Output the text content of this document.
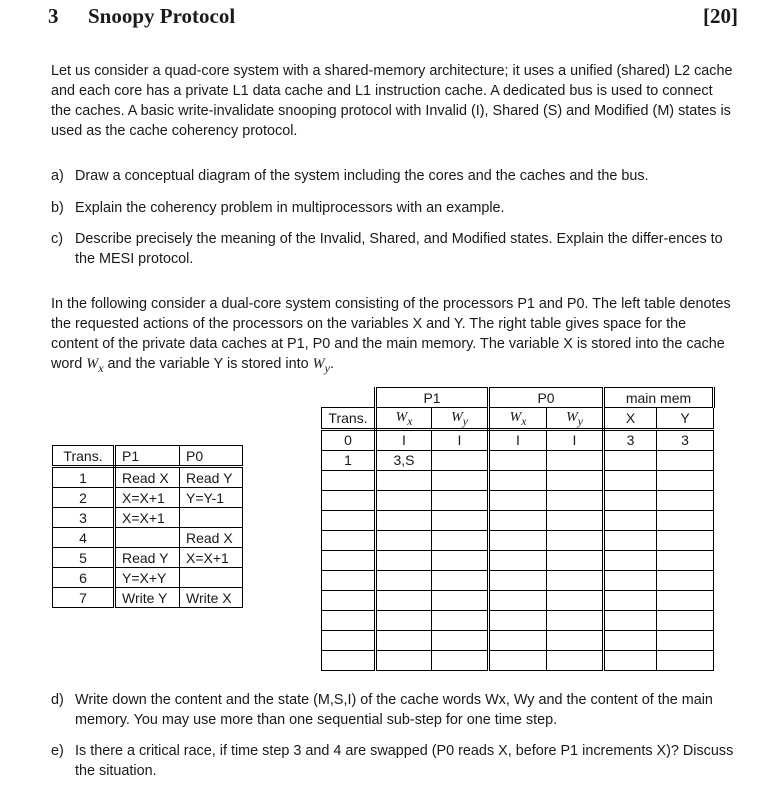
3 Snoopy Protocol	[20]

Let us consider a quad-core system with a shared-memory architecture; it uses a unified (shared) L2 cache and each core has a private L1 data cache and L1 instruction cache. A dedicated bus is used to connect the caches. A basic write-invalidate snooping protocol with Invalid (I), Shared (S) and Modified (M) states is used as the cache coherency protocol.

a) Draw a conceptual diagram of the system including the cores and the caches and the bus.
b) Explain the coherency problem in multiprocessors with an example.
c) Describe precisely the meaning of the Invalid, Shared, and Modified states. Explain the differ-ences to the MESI protocol.

In the following consider a dual-core system consisting of the processors P1 and P0. The left table denotes the requested actions of the processors on the variables X and Y. The right table gives space for the content of the private data caches at P1, P0 and the main memory. The variable X is stored into the cache word $W_x$ and the variable Y is stored into $W_y$.

Trans.	P1	P0
1	Read X	Read Y
2	X=X+1	Y=Y-1
3	X=X+1	
4		Read X
5	Read Y	X=X+1
6	Y=X+Y	
7	Write Y	Write X
	P1		P0		main mem	
Trans.	$W_x$	$W_y$	$W_x$	$W_y$	X	Y
0	I	I	I	I	3	3
1	3,S					

d) Write down the content and the state (M,S,I) of the cache words Wx, Wy and the content of the main memory. You may use more than one sequential sub-step for one time step.
e) Is there a critical race, if time step 3 and 4 are swapped (P0 reads X, before P1 increments X)? Discuss the situation.
